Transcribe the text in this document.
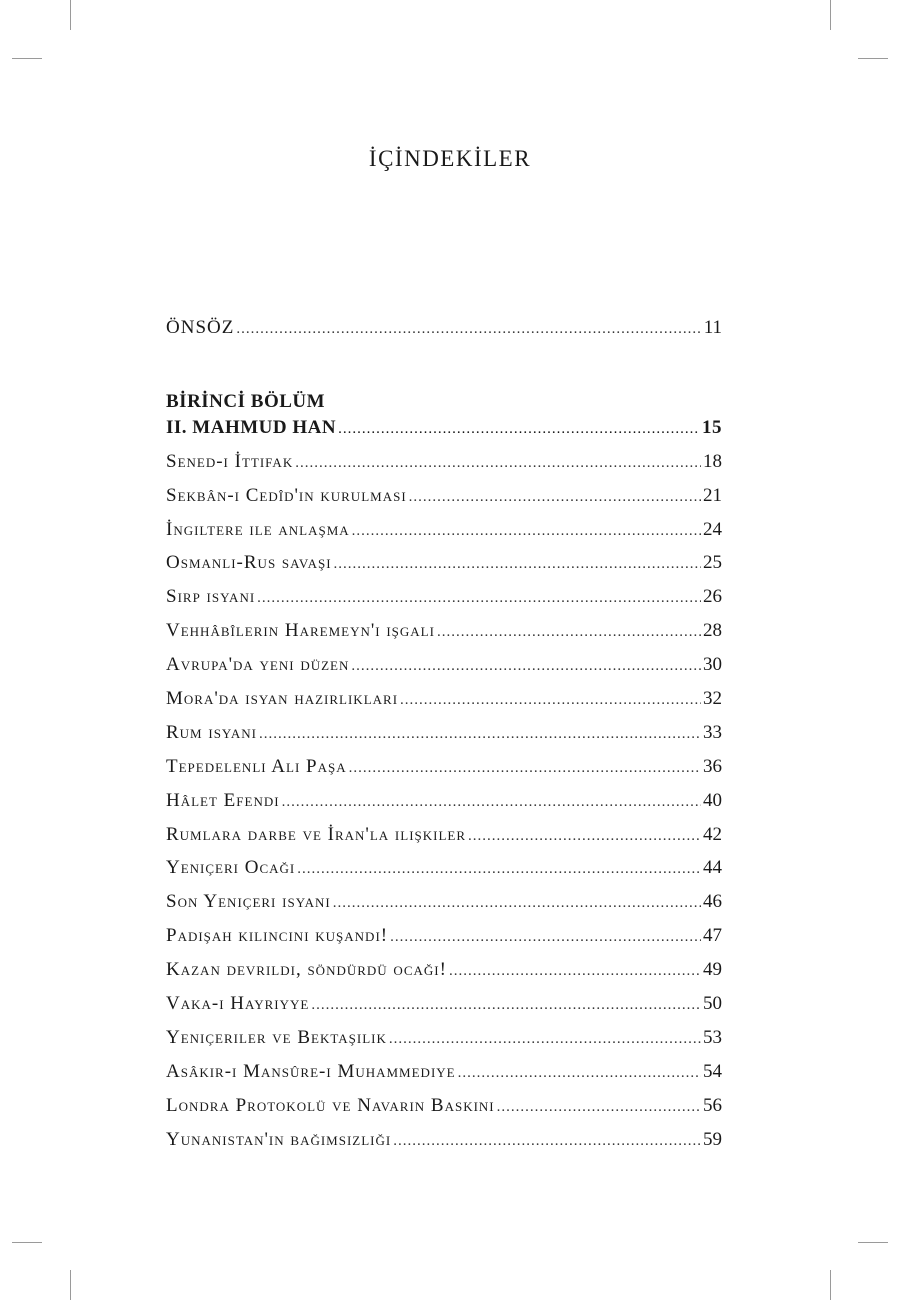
İÇİNDEKİLER
ÖNSÖZ .....	11
BİRİNCİ BÖLÜM
II. MAHMUD HAN .....	15
Sened-i İttifak .....	18
Sekbân-ı Cedîd'in kurulması .....	21
İngiltere ile anlaşma .....	24
Osmanlı-Rus savaşı .....	25
Sırp isyanı .....	26
Vehhâbîlerin Haremeyn'i işgali .....	28
Avrupa'da yeni düzen .....	30
Mora'da isyan hazırlıkları .....	32
Rum isyanı .....	33
Tepedelenli Ali Paşa .....	36
Hâlet Efendi .....	40
Rumlara darbe ve İran'la ilişkiler .....	42
Yeniçeri Ocağı .....	44
Son Yeniçeri isyanı .....	46
Padişah kılıncını kuşandı! .....	47
Kazan devrildi, söndürdü ocağı! .....	49
Vaka-i Hayriyye .....	50
Yeniçeriler ve Bektaşilik .....	53
Asâkir-i Mansûre-i Muhammediye .....	54
Londra Protokolü ve Navarin Baskını .....	56
Yunanistan'ın bağımsızlığı .....	59
